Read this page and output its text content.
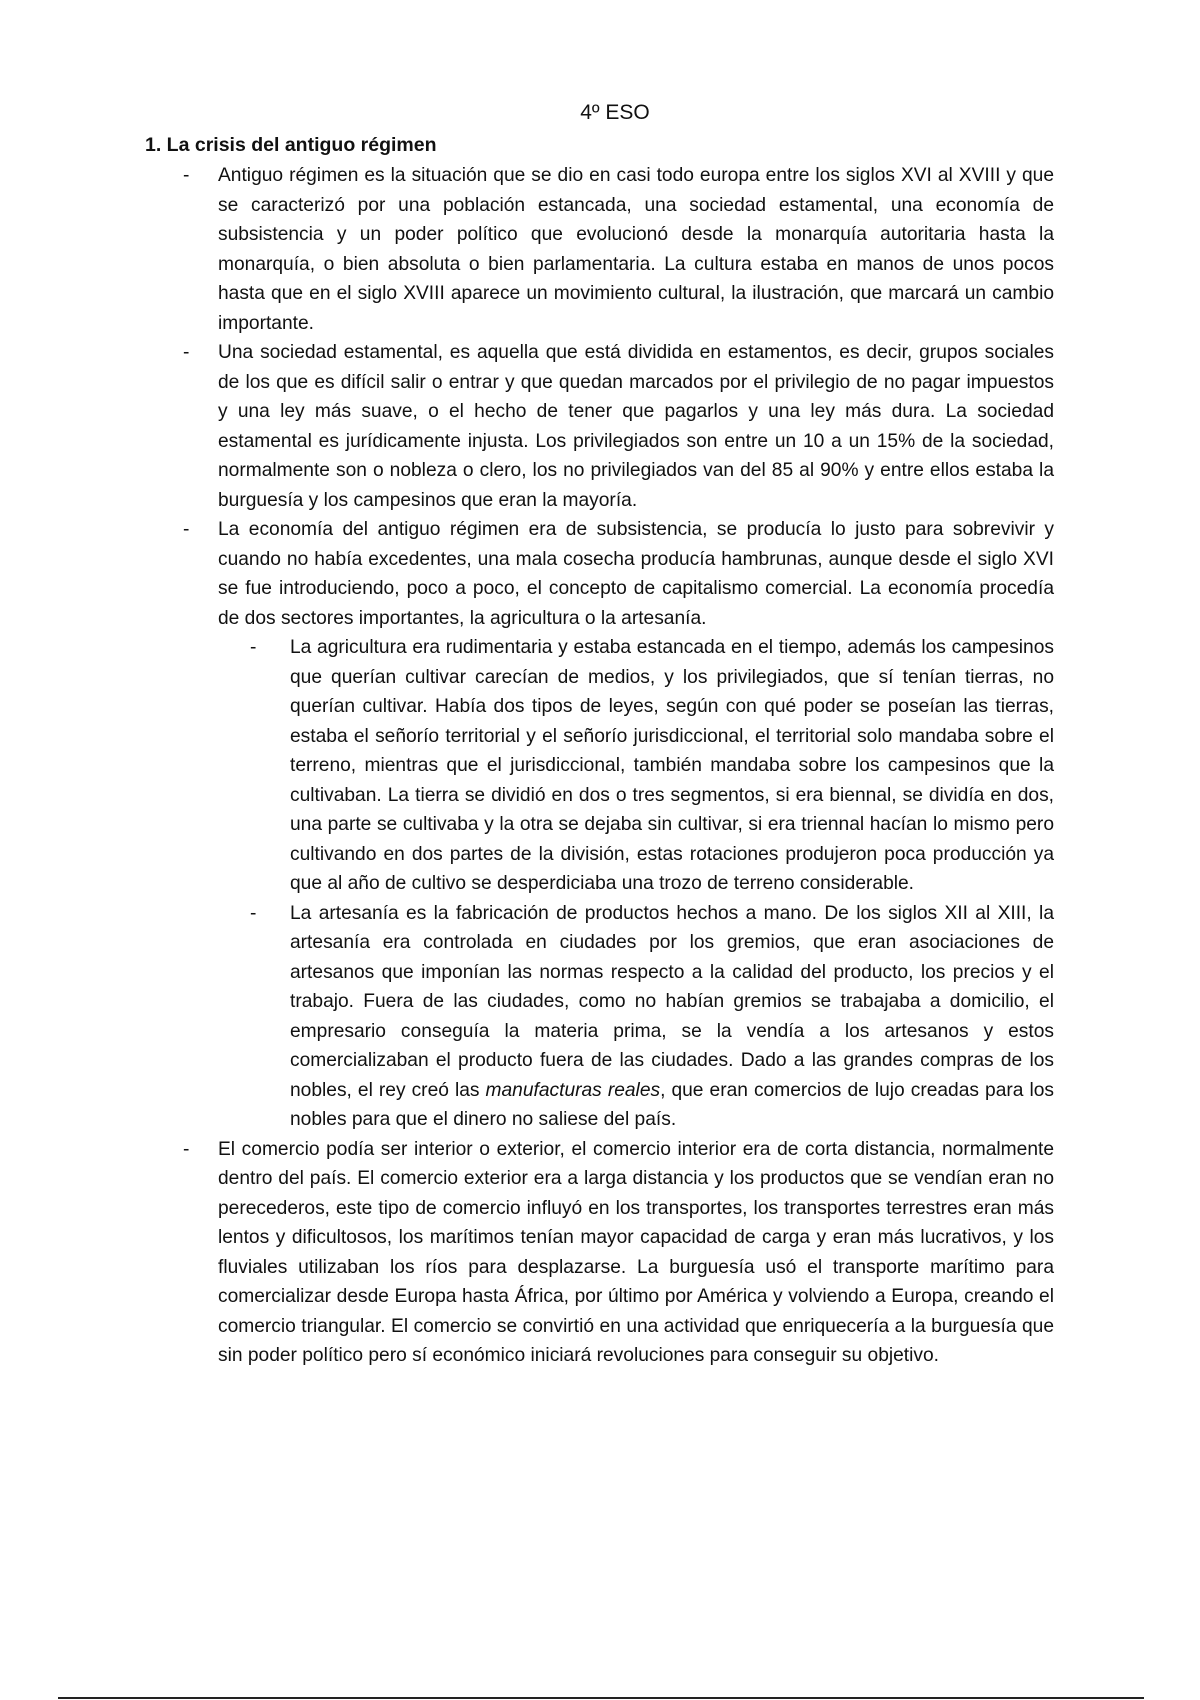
4º ESO
1. La crisis del antiguo régimen
- Antiguo régimen es la situación que se dio en casi todo europa entre los siglos XVI al XVIII y que se caracterizó por una población estancada, una sociedad estamental, una economía de subsistencia y un poder político que evolucionó desde la monarquía autoritaria hasta la monarquía, o bien absoluta o bien parlamentaria. La cultura estaba en manos de unos pocos hasta que en el siglo XVIII aparece un movimiento cultural, la ilustración, que marcará un cambio importante.
- Una sociedad estamental, es aquella que está dividida en estamentos, es decir, grupos sociales de los que es difícil salir o entrar y que quedan marcados por el privilegio de no pagar impuestos y una ley más suave, o el hecho de tener que pagarlos y una ley más dura. La sociedad estamental es jurídicamente injusta. Los privilegiados son entre un 10 a un 15% de la sociedad, normalmente son o nobleza o clero, los no privilegiados van del 85 al 90% y entre ellos estaba la burguesía y los campesinos que eran la mayoría.
- La economía del antiguo régimen era de subsistencia, se producía lo justo para sobrevivir y cuando no había excedentes, una mala cosecha producía hambrunas, aunque desde el siglo XVI se fue introduciendo, poco a poco, el concepto de capitalismo comercial. La economía procedía de dos sectores importantes, la agricultura o la artesanía.
- La agricultura era rudimentaria y estaba estancada en el tiempo, además los campesinos que querían cultivar carecían de medios, y los privilegiados, que sí tenían tierras, no querían cultivar. Había dos tipos de leyes, según con qué poder se poseían las tierras, estaba el señorío territorial y el señorío jurisdiccional, el territorial solo mandaba sobre el terreno, mientras que el jurisdiccional, también mandaba sobre los campesinos que la cultivaban. La tierra se dividió en dos o tres segmentos, si era biennal, se dividía en dos, una parte se cultivaba y la otra se dejaba sin cultivar, si era triennal hacían lo mismo pero cultivando en dos partes de la división, estas rotaciones produjeron poca producción ya que al año de cultivo se desperdiciaba una trozo de terreno considerable.
- La artesanía es la fabricación de productos hechos a mano. De los siglos XII al XIII, la artesanía era controlada en ciudades por los gremios, que eran asociaciones de artesanos que imponían las normas respecto a la calidad del producto, los precios y el trabajo. Fuera de las ciudades, como no habían gremios se trabajaba a domicilio, el empresario conseguía la materia prima, se la vendía a los artesanos y estos comercializaban el producto fuera de las ciudades. Dado a las grandes compras de los nobles, el rey creó las manufacturas reales, que eran comercios de lujo creadas para los nobles para que el dinero no saliese del país.
- El comercio podía ser interior o exterior, el comercio interior era de corta distancia, normalmente dentro del país. El comercio exterior era a larga distancia y los productos que se vendían eran no perecederos, este tipo de comercio influyó en los transportes, los transportes terrestres eran más lentos y dificultosos, los marítimos tenían mayor capacidad de carga y eran más lucrativos, y los fluviales utilizaban los ríos para desplazarse. La burguesía usó el transporte marítimo para comercializar desde Europa hasta África, por último por América y volviendo a Europa, creando el comercio triangular. El comercio se convirtió en una actividad que enriquecería a la burguesía que sin poder político pero sí económico iniciará revoluciones para conseguir su objetivo.
